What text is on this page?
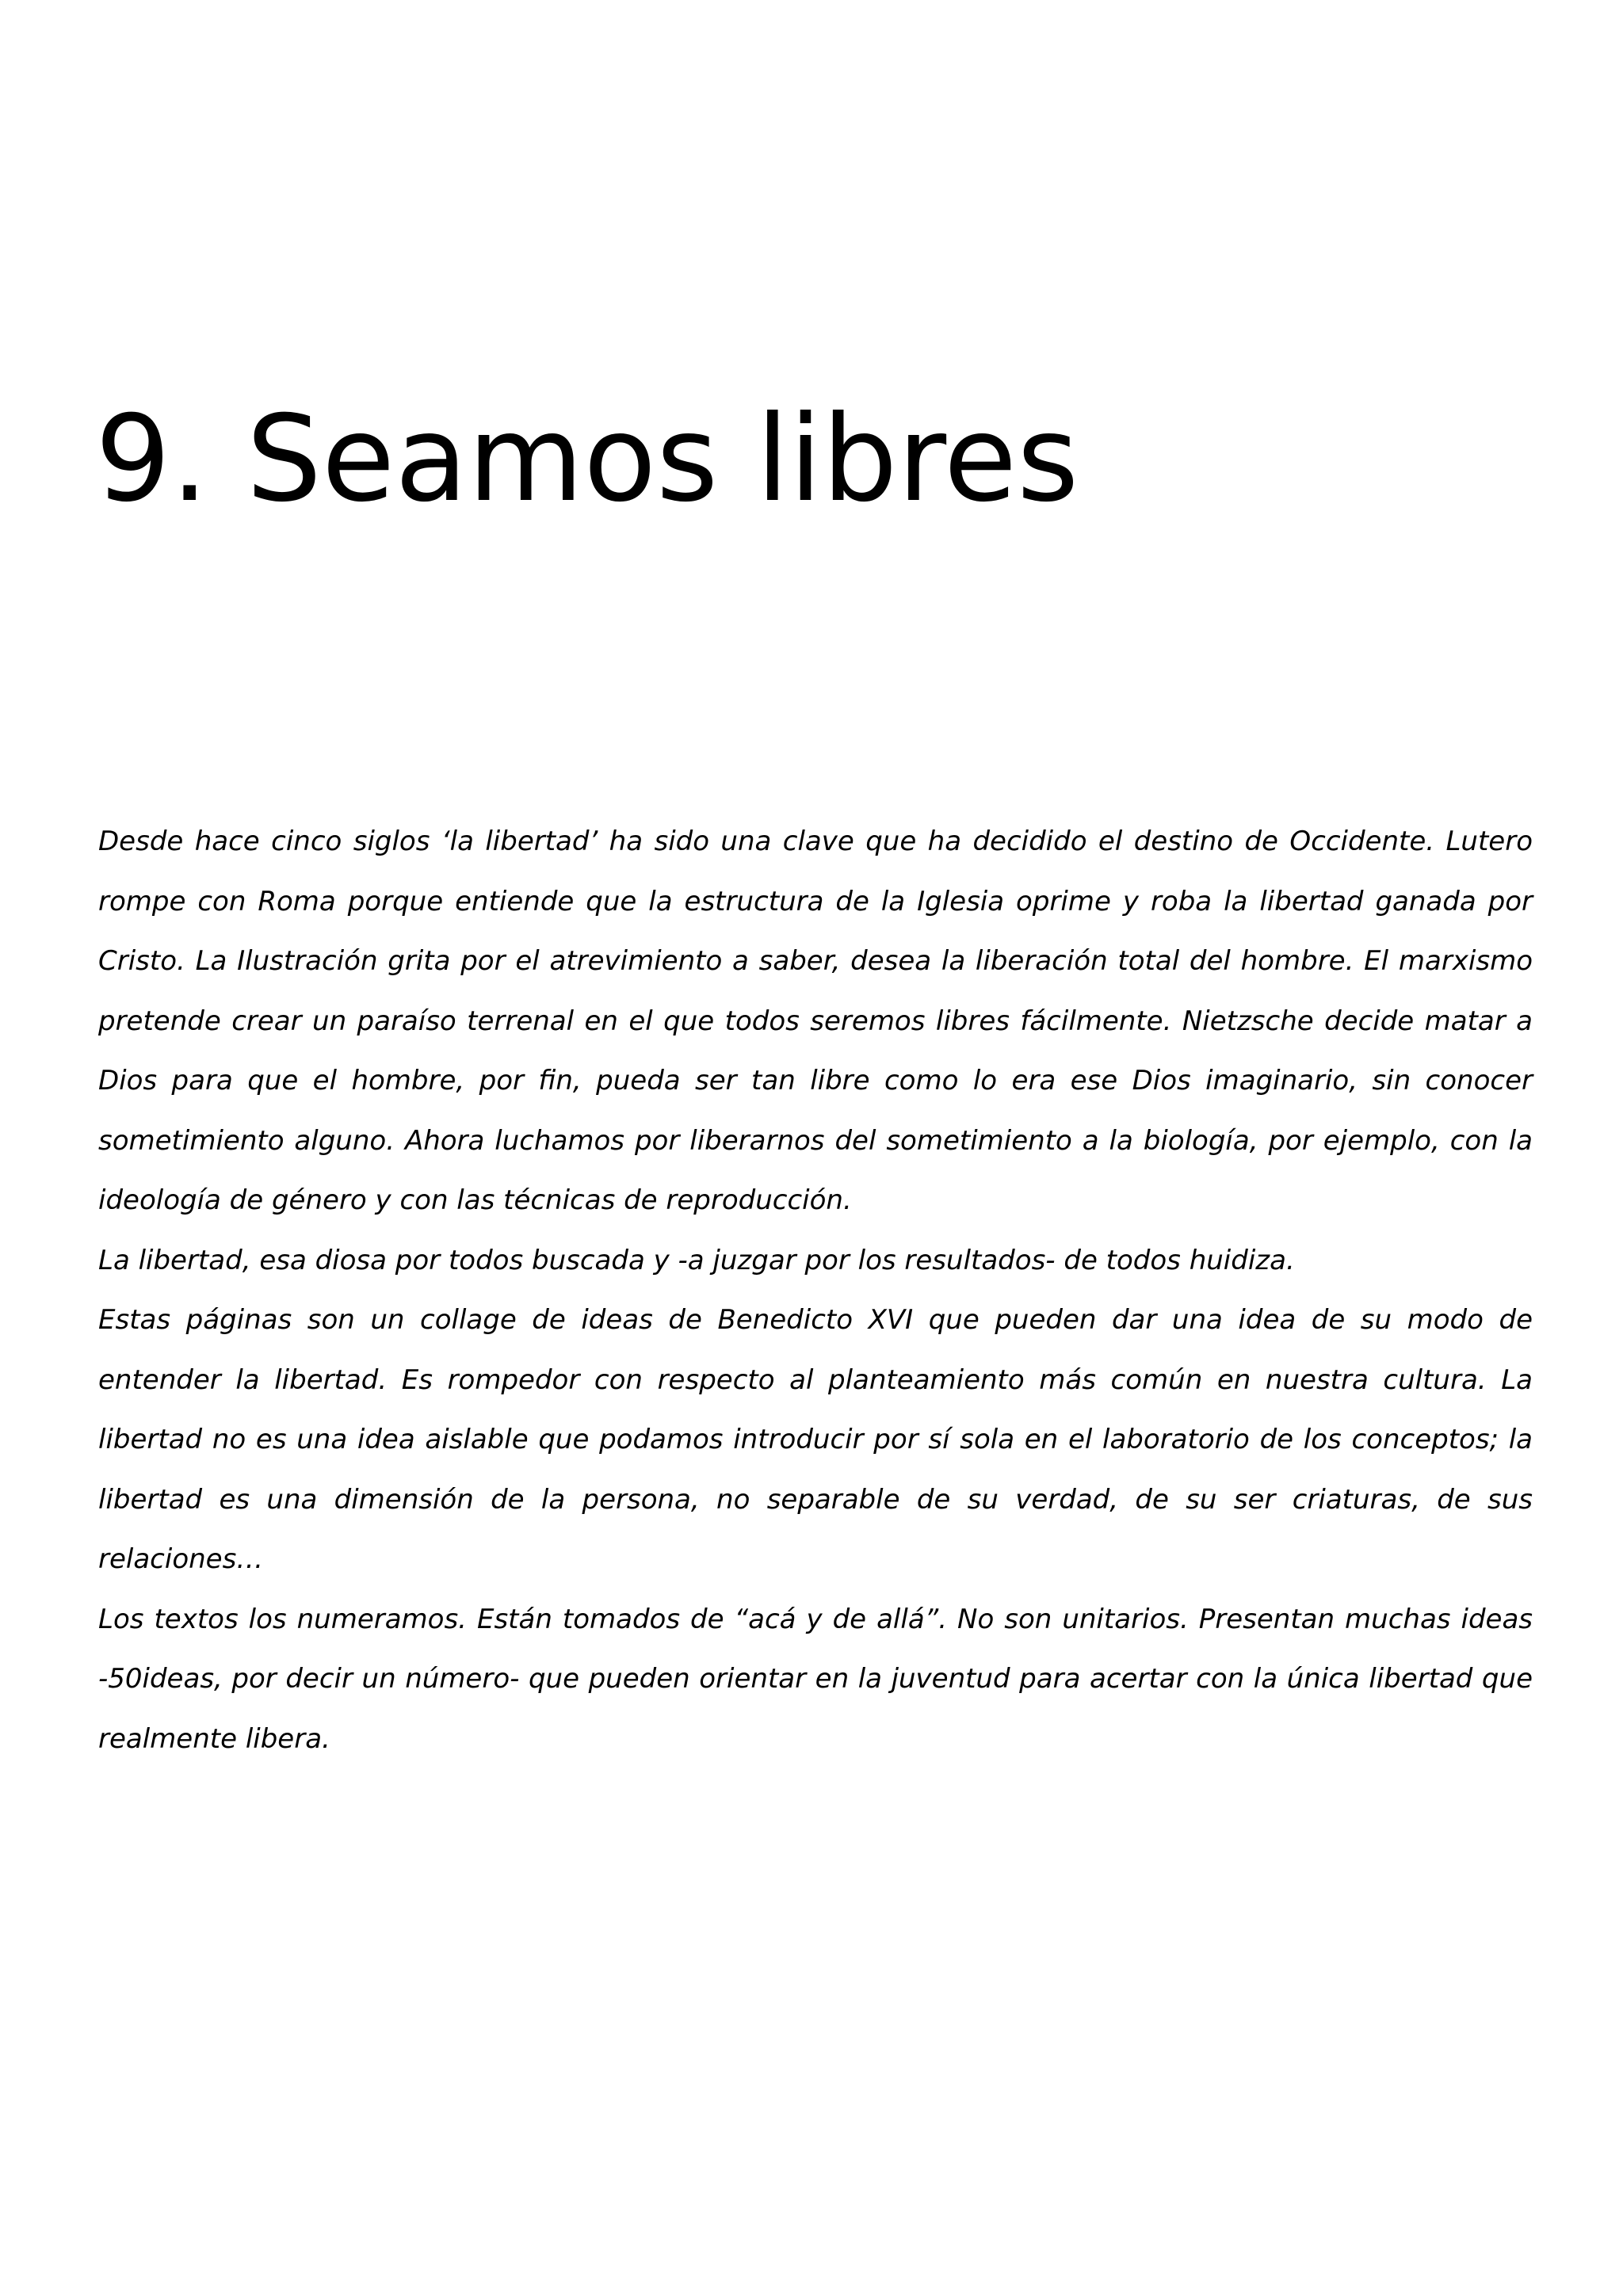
9. Seamos libres

Desde hace cinco siglos ‘la libertad’ ha sido una clave que ha decidido el destino de Occidente. Lutero rompe con Roma porque entiende que la estructura de la Iglesia oprime y roba la libertad ganada por Cristo. La Ilustración grita por el atrevimiento a saber, desea la liberación total del hombre. El marxismo pretende crear un paraíso terrenal en el que todos seremos libres fácilmente. Nietzsche decide matar a Dios para que el hombre, por fin, pueda ser tan libre como lo era ese Dios imaginario, sin conocer sometimiento alguno. Ahora luchamos por liberarnos del sometimiento a la biología, por ejemplo, con la ideología de género y con las técnicas de reproducción.

La libertad, esa diosa por todos buscada y -a juzgar por los resultados- de todos huidiza.

Estas páginas son un collage de ideas de Benedicto XVI que pueden dar una idea de su modo de entender la libertad. Es rompedor con respecto al planteamiento más común en nuestra cultura. La libertad no es una idea aislable que podamos introducir por sí sola en el laboratorio de los conceptos; la libertad es una dimensión de la persona, no separable de su verdad, de su ser criaturas, de sus relaciones…

Los textos los numeramos. Están tomados de “acá y de allá”. No son unitarios. Presentan muchas ideas -50ideas, por decir un número- que pueden orientar en la juventud para acertar con la única libertad que realmente libera.
